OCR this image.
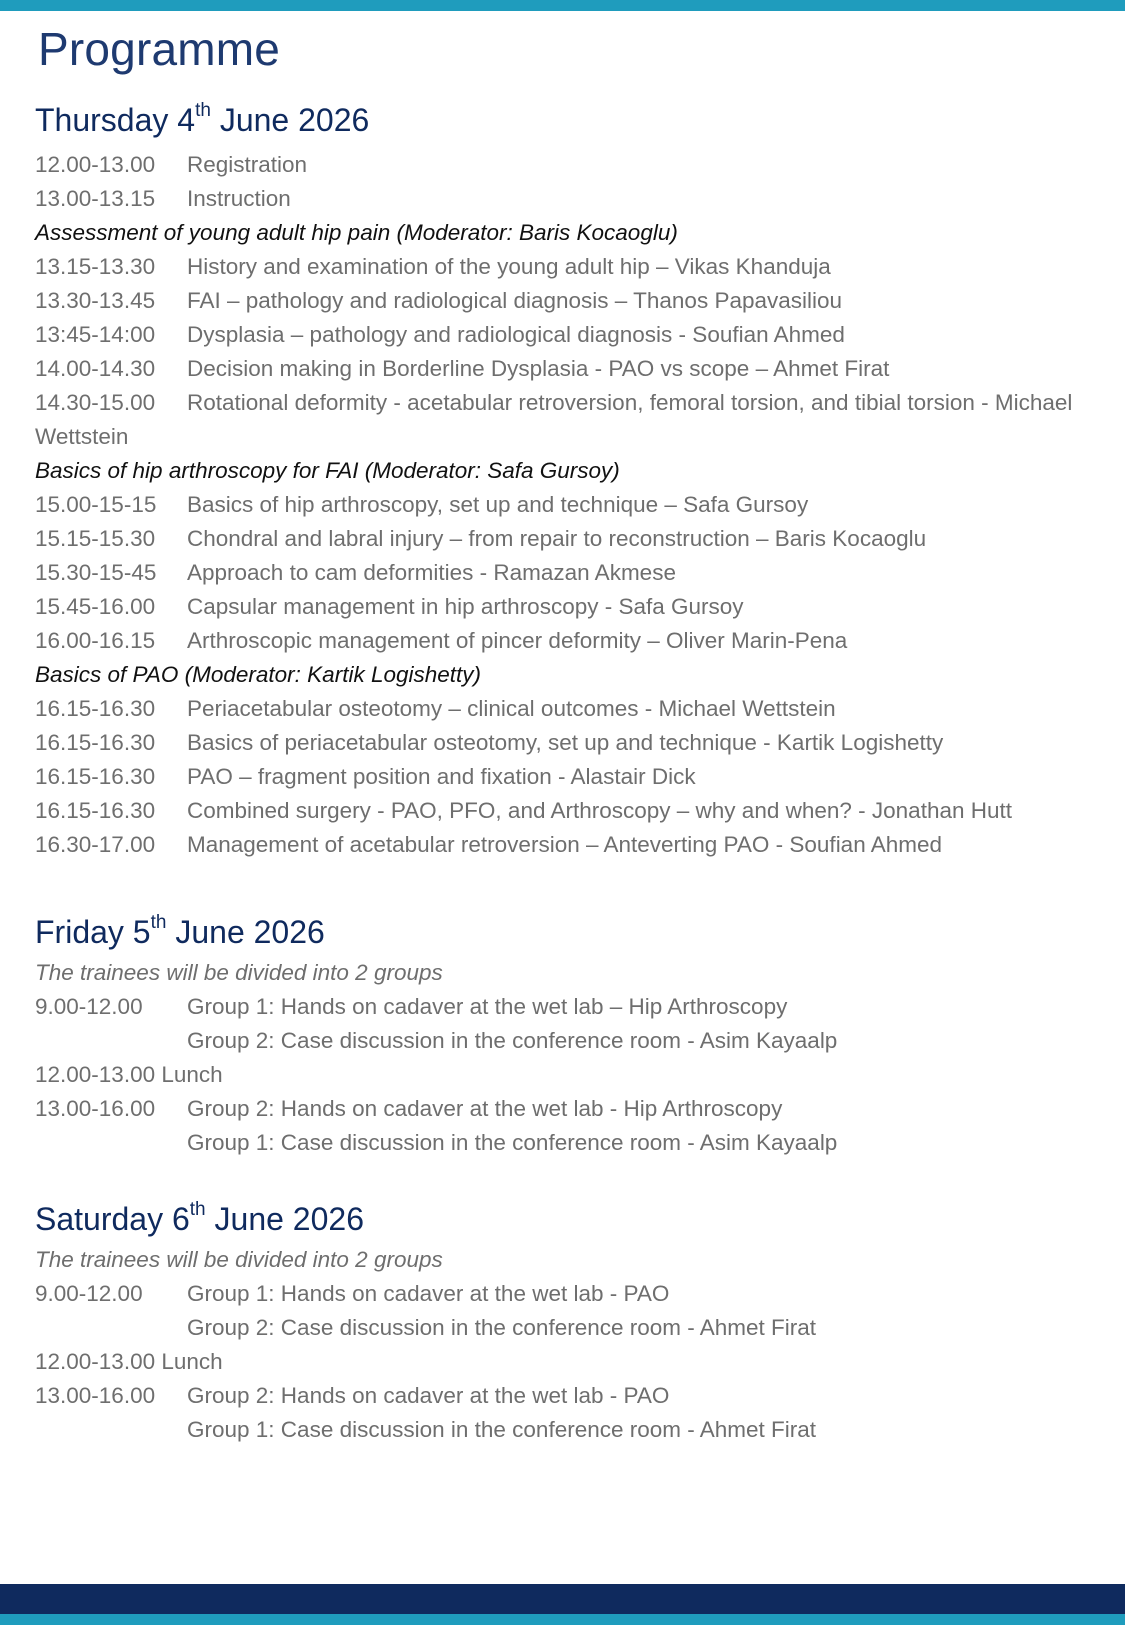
Programme
Thursday 4th June 2026
12.00-13.00 Registration
13.00-13.15 Instruction
Assessment of young adult hip pain (Moderator: Baris Kocaoglu)
13.15-13.30 History and examination of the young adult hip – Vikas Khanduja
13.30-13.45 FAI – pathology and radiological diagnosis – Thanos Papavasiliou
13:45-14:00 Dysplasia – pathology and radiological diagnosis - Soufian Ahmed
14.00-14.30 Decision making in Borderline Dysplasia - PAO vs scope – Ahmet Firat
14.30-15.00 Rotational deformity - acetabular retroversion, femoral torsion, and tibial torsion - Michael Wettstein
Basics of hip arthroscopy for FAI (Moderator: Safa Gursoy)
15.00-15-15 Basics of hip arthroscopy, set up and technique – Safa Gursoy
15.15-15.30 Chondral and labral injury – from repair to reconstruction – Baris Kocaoglu
15.30-15-45 Approach to cam deformities - Ramazan Akmese
15.45-16.00 Capsular management in hip arthroscopy - Safa Gursoy
16.00-16.15 Arthroscopic management of pincer deformity – Oliver Marin-Pena
Basics of PAO (Moderator: Kartik Logishetty)
16.15-16.30 Periacetabular osteotomy – clinical outcomes - Michael Wettstein
16.15-16.30 Basics of periacetabular osteotomy, set up and technique - Kartik Logishetty
16.15-16.30 PAO – fragment position and fixation - Alastair Dick
16.15-16.30 Combined surgery - PAO, PFO, and Arthroscopy – why and when? - Jonathan Hutt
16.30-17.00 Management of acetabular retroversion – Anteverting PAO - Soufian Ahmed
Friday 5th June 2026
The trainees will be divided into 2 groups
9.00-12.00 Group 1: Hands on cadaver at the wet lab – Hip Arthroscopy
Group 2: Case discussion in the conference room - Asim Kayaalp
12.00-13.00 Lunch
13.00-16.00 Group 2: Hands on cadaver at the wet lab - Hip Arthroscopy
Group 1: Case discussion in the conference room - Asim Kayaalp
Saturday 6th June 2026
The trainees will be divided into 2 groups
9.00-12.00 Group 1: Hands on cadaver at the wet lab - PAO
Group 2: Case discussion in the conference room - Ahmet Firat
12.00-13.00 Lunch
13.00-16.00 Group 2: Hands on cadaver at the wet lab - PAO
Group 1: Case discussion in the conference room - Ahmet Firat
